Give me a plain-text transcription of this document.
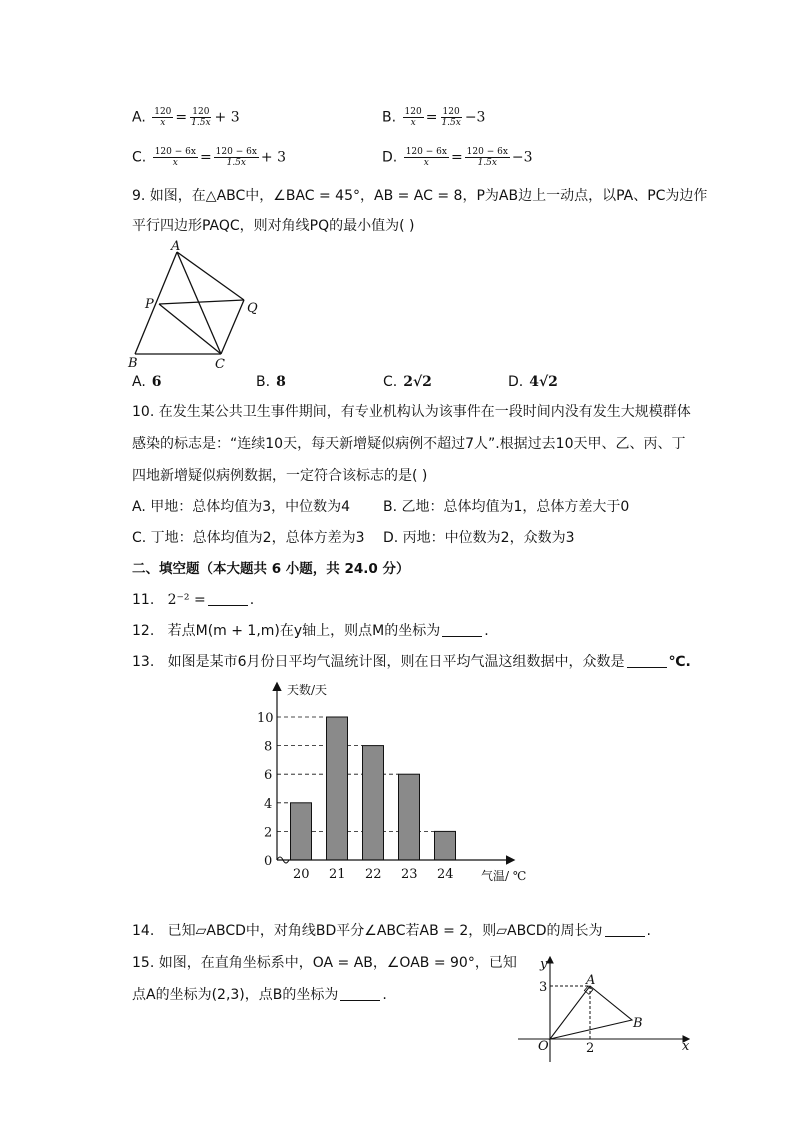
A. $\frac{120}{x} = \frac{120}{1.5x} + 3$	B. $\frac{120}{x} = \frac{120}{1.5x} -3$
C. $\frac{120 - 6x}{x} = \frac{120 - 6x}{1.5x} + 3$	D. $\frac{120 - 6x}{x} = \frac{120 - 6x}{1.5x} -3$
9. 如图，在△ABC中，∠BAC = 45°，AB = AC = 8，P为AB边上一动点，以PA、PC为边作
平行四边形PAQC，则对角线PQ的最小值为( )
A
B	C
P	Q
A. 6	B. 8	C. 2√2	D. 4√2
10. 在发生某公共卫生事件期间，有专业机构认为该事件在一段时间内没有发生大规模群体
感染的标志是：“连续10天，每天新增疑似病例不超过7人”.根据过去10天甲、乙、丙、丁
四地新增疑似病例数据，一定符合该标志的是( )
A. 甲地：总体均值为3，中位数为4 B. 乙地：总体均值为1，总体方差大于0
C. 丁地：总体均值为2，总体方差为3 D. 丙地：中位数为2，众数为3
二、填空题（本大题共 6 小题，共 24.0 分）
11. 2⁻² =	.
12. 若点M(m + 1,m)在y轴上，则点M的坐标为	.
13. 如图是某市6月份日平均气温统计图，则在日平均气温这组数据中，众数是	℃.
0
2
4
6
8
10
20 21 22 23 24
天数/天
气温/ ℃
14. 已知▱ABCD中，对角线BD平分∠ABC若AB = 2，则▱ABCD的周长为	.
15. 如图，在直角坐标系中，OA = AB，∠OAB = 90°，已知
点A的坐标为(2,3)，点B的坐标为	.
y
x
O
A
B
2
3
